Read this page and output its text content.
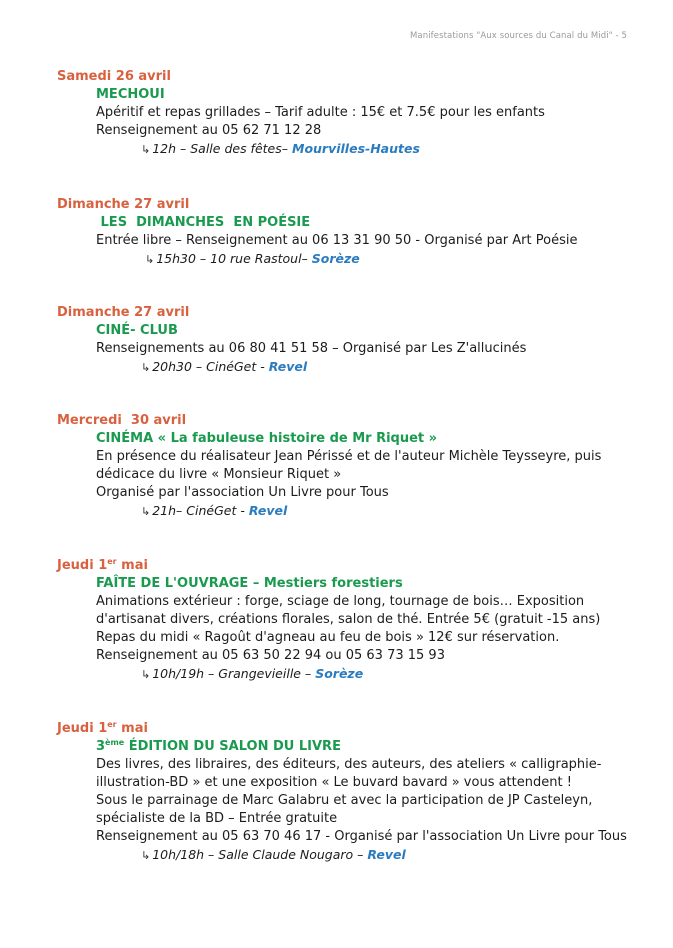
Manifestations "Aux sources du Canal du Midi" - 5
Samedi 26 avril
MECHOUI
Apéritif et repas grillades – Tarif adulte : 15€ et 7.5€ pour les enfants
Renseignement au 05 62 71 12 28
↳ 12h – Salle des fêtes– Mourvilles-Hautes
Dimanche 27 avril
LES  DIMANCHES  EN POÉSIE
Entrée libre – Renseignement au 06 13 31 90 50 - Organisé par Art Poésie
↳ 15h30 – 10 rue Rastoul– Sorèze
Dimanche 27 avril
CINÉ- CLUB
Renseignements au 06 80 41 51 58 – Organisé par Les Z'allucinés
↳ 20h30 – CinéGet - Revel
Mercredi  30 avril
CINÉMA « La fabuleuse histoire de Mr Riquet »
En présence du réalisateur Jean Périssé et de l'auteur Michèle Teysseyre, puis
dédicace du livre « Monsieur Riquet »
Organisé par l'association Un Livre pour Tous
↳ 21h– CinéGet - Revel
Jeudi 1er mai
FAÎTE DE L'OUVRAGE – Mestiers forestiers
Animations extérieur : forge, sciage de long, tournage de bois… Exposition
d'artisanat divers, créations florales, salon de thé. Entrée 5€ (gratuit -15 ans)
Repas du midi « Ragoût d'agneau au feu de bois » 12€ sur réservation.
Renseignement au 05 63 50 22 94 ou 05 63 73 15 93
↳ 10h/19h – Grangevieille – Sorèze
Jeudi 1er mai
3ème ÉDITION DU SALON DU LIVRE
Des livres, des libraires, des éditeurs, des auteurs, des ateliers « calligraphie-
illustration-BD » et une exposition « Le buvard bavard » vous attendent !
Sous le parrainage de Marc Galabru et avec la participation de JP Casteleyn,
spécialiste de la BD – Entrée gratuite
Renseignement au 05 63 70 46 17 - Organisé par l'association Un Livre pour Tous
↳ 10h/18h – Salle Claude Nougaro – Revel
